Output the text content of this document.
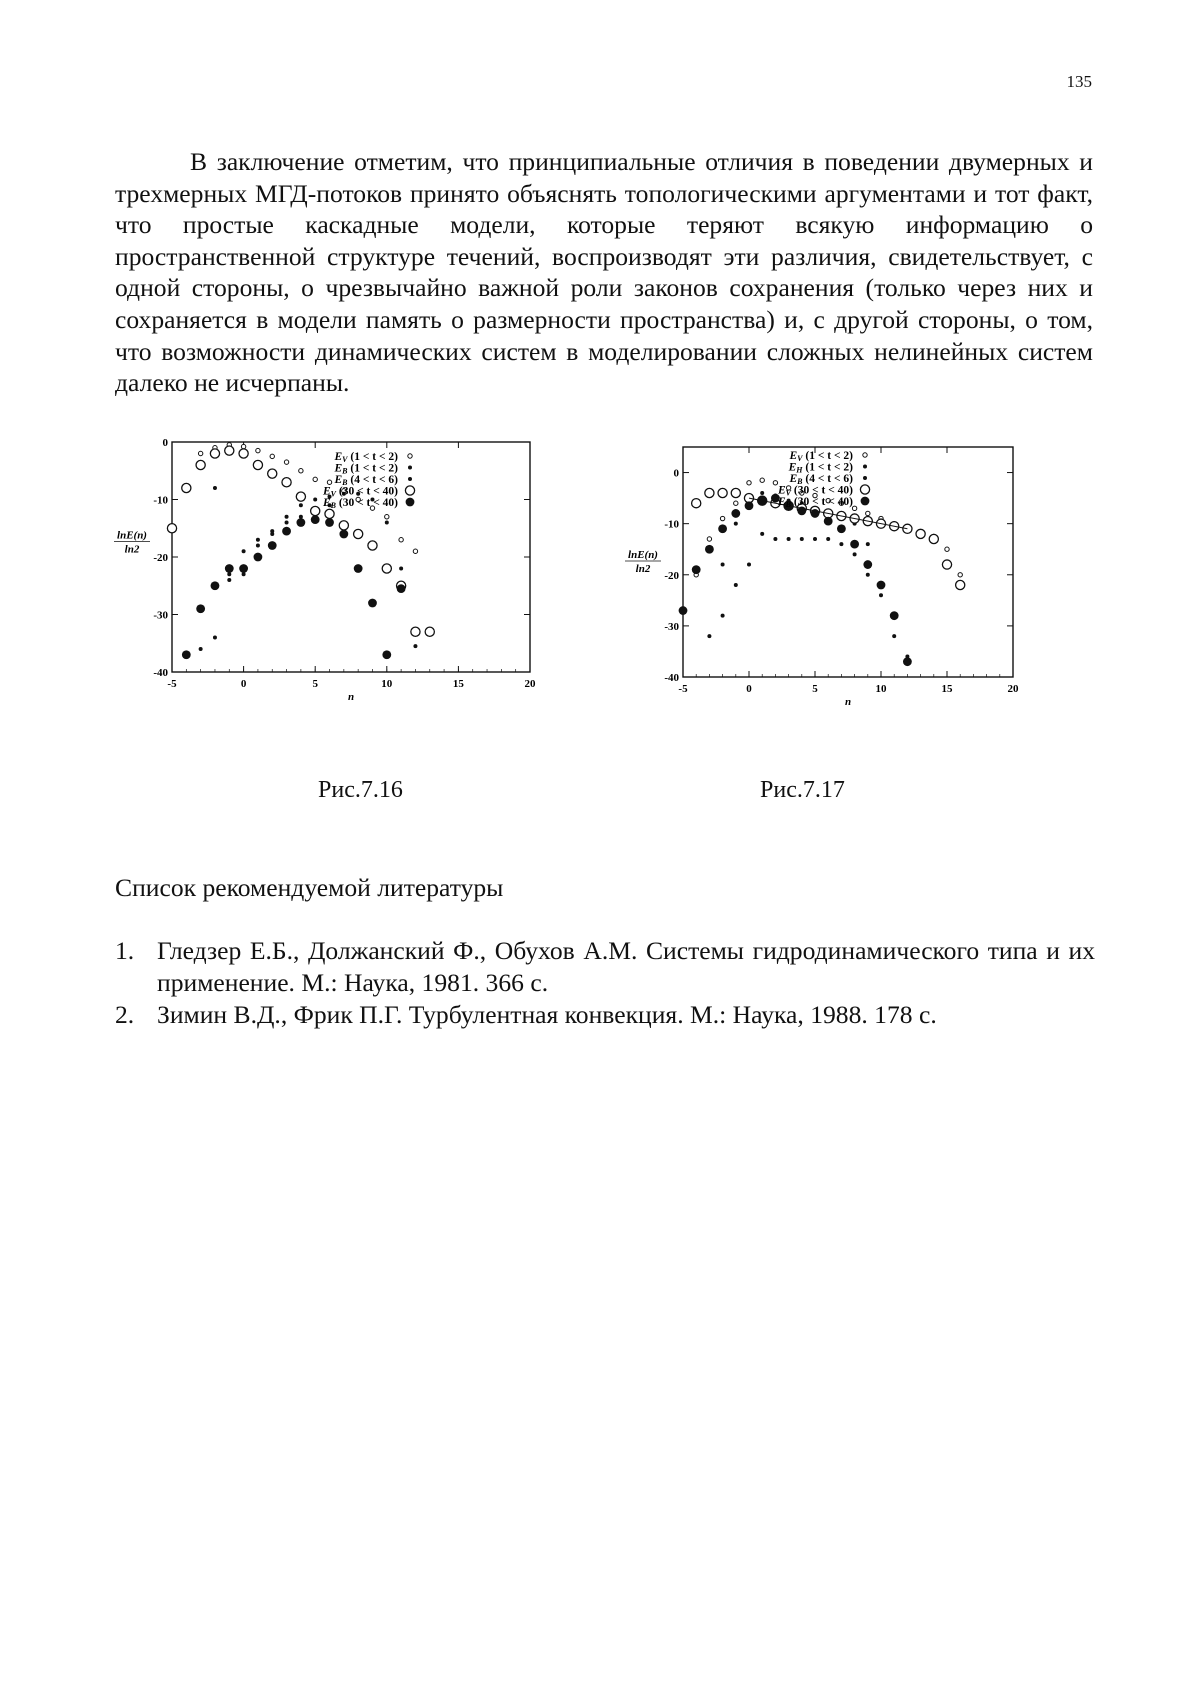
135

В заключение отметим, что принципиальные отличия в поведении двумерных и трехмерных МГД-потоков принято объяснять топологическими аргументами и тот факт, что простые каскадные модели, которые теряют всякую информацию о пространственной структуре течений, воспроизводят эти различия, свидетельствует, с одной стороны, о чрезвычайно важной роли законов сохранения (только через них и сохраняется в модели память о размерности пространства) и, с другой стороны, о том, что возможности динамических систем в моделировании сложных нелинейных систем далеко не исчерпаны.

-5	0	5	10	15	20
0
-10
-20
-30
-40
n
lnE(n)
ln2
EV (1 < t < 2)
EB (1 < t < 2)
EB (4 < t < 6)
EV (30 < t < 40)
EB (30 < t < 40)
Рис.7.16
-5	0	5	10	15	20
0
-10
-20
-30
-40
n
lnE(n)
ln2
EV (1 < t < 2)
EH (1 < t < 2)
EB (4 < t < 6)
EV (30 < t < 40)
EB (30 < t < 40)
Рис.7.17
Список рекомендуемой литературы
1. Гледзер Е.Б., Должанский Ф., Обухов А.М. Системы гидродинамического типа и их применение. М.: Наука, 1981. 366 с.
2. Зимин В.Д., Фрик П.Г. Турбулентная конвекция. М.: Наука, 1988. 178 с.
